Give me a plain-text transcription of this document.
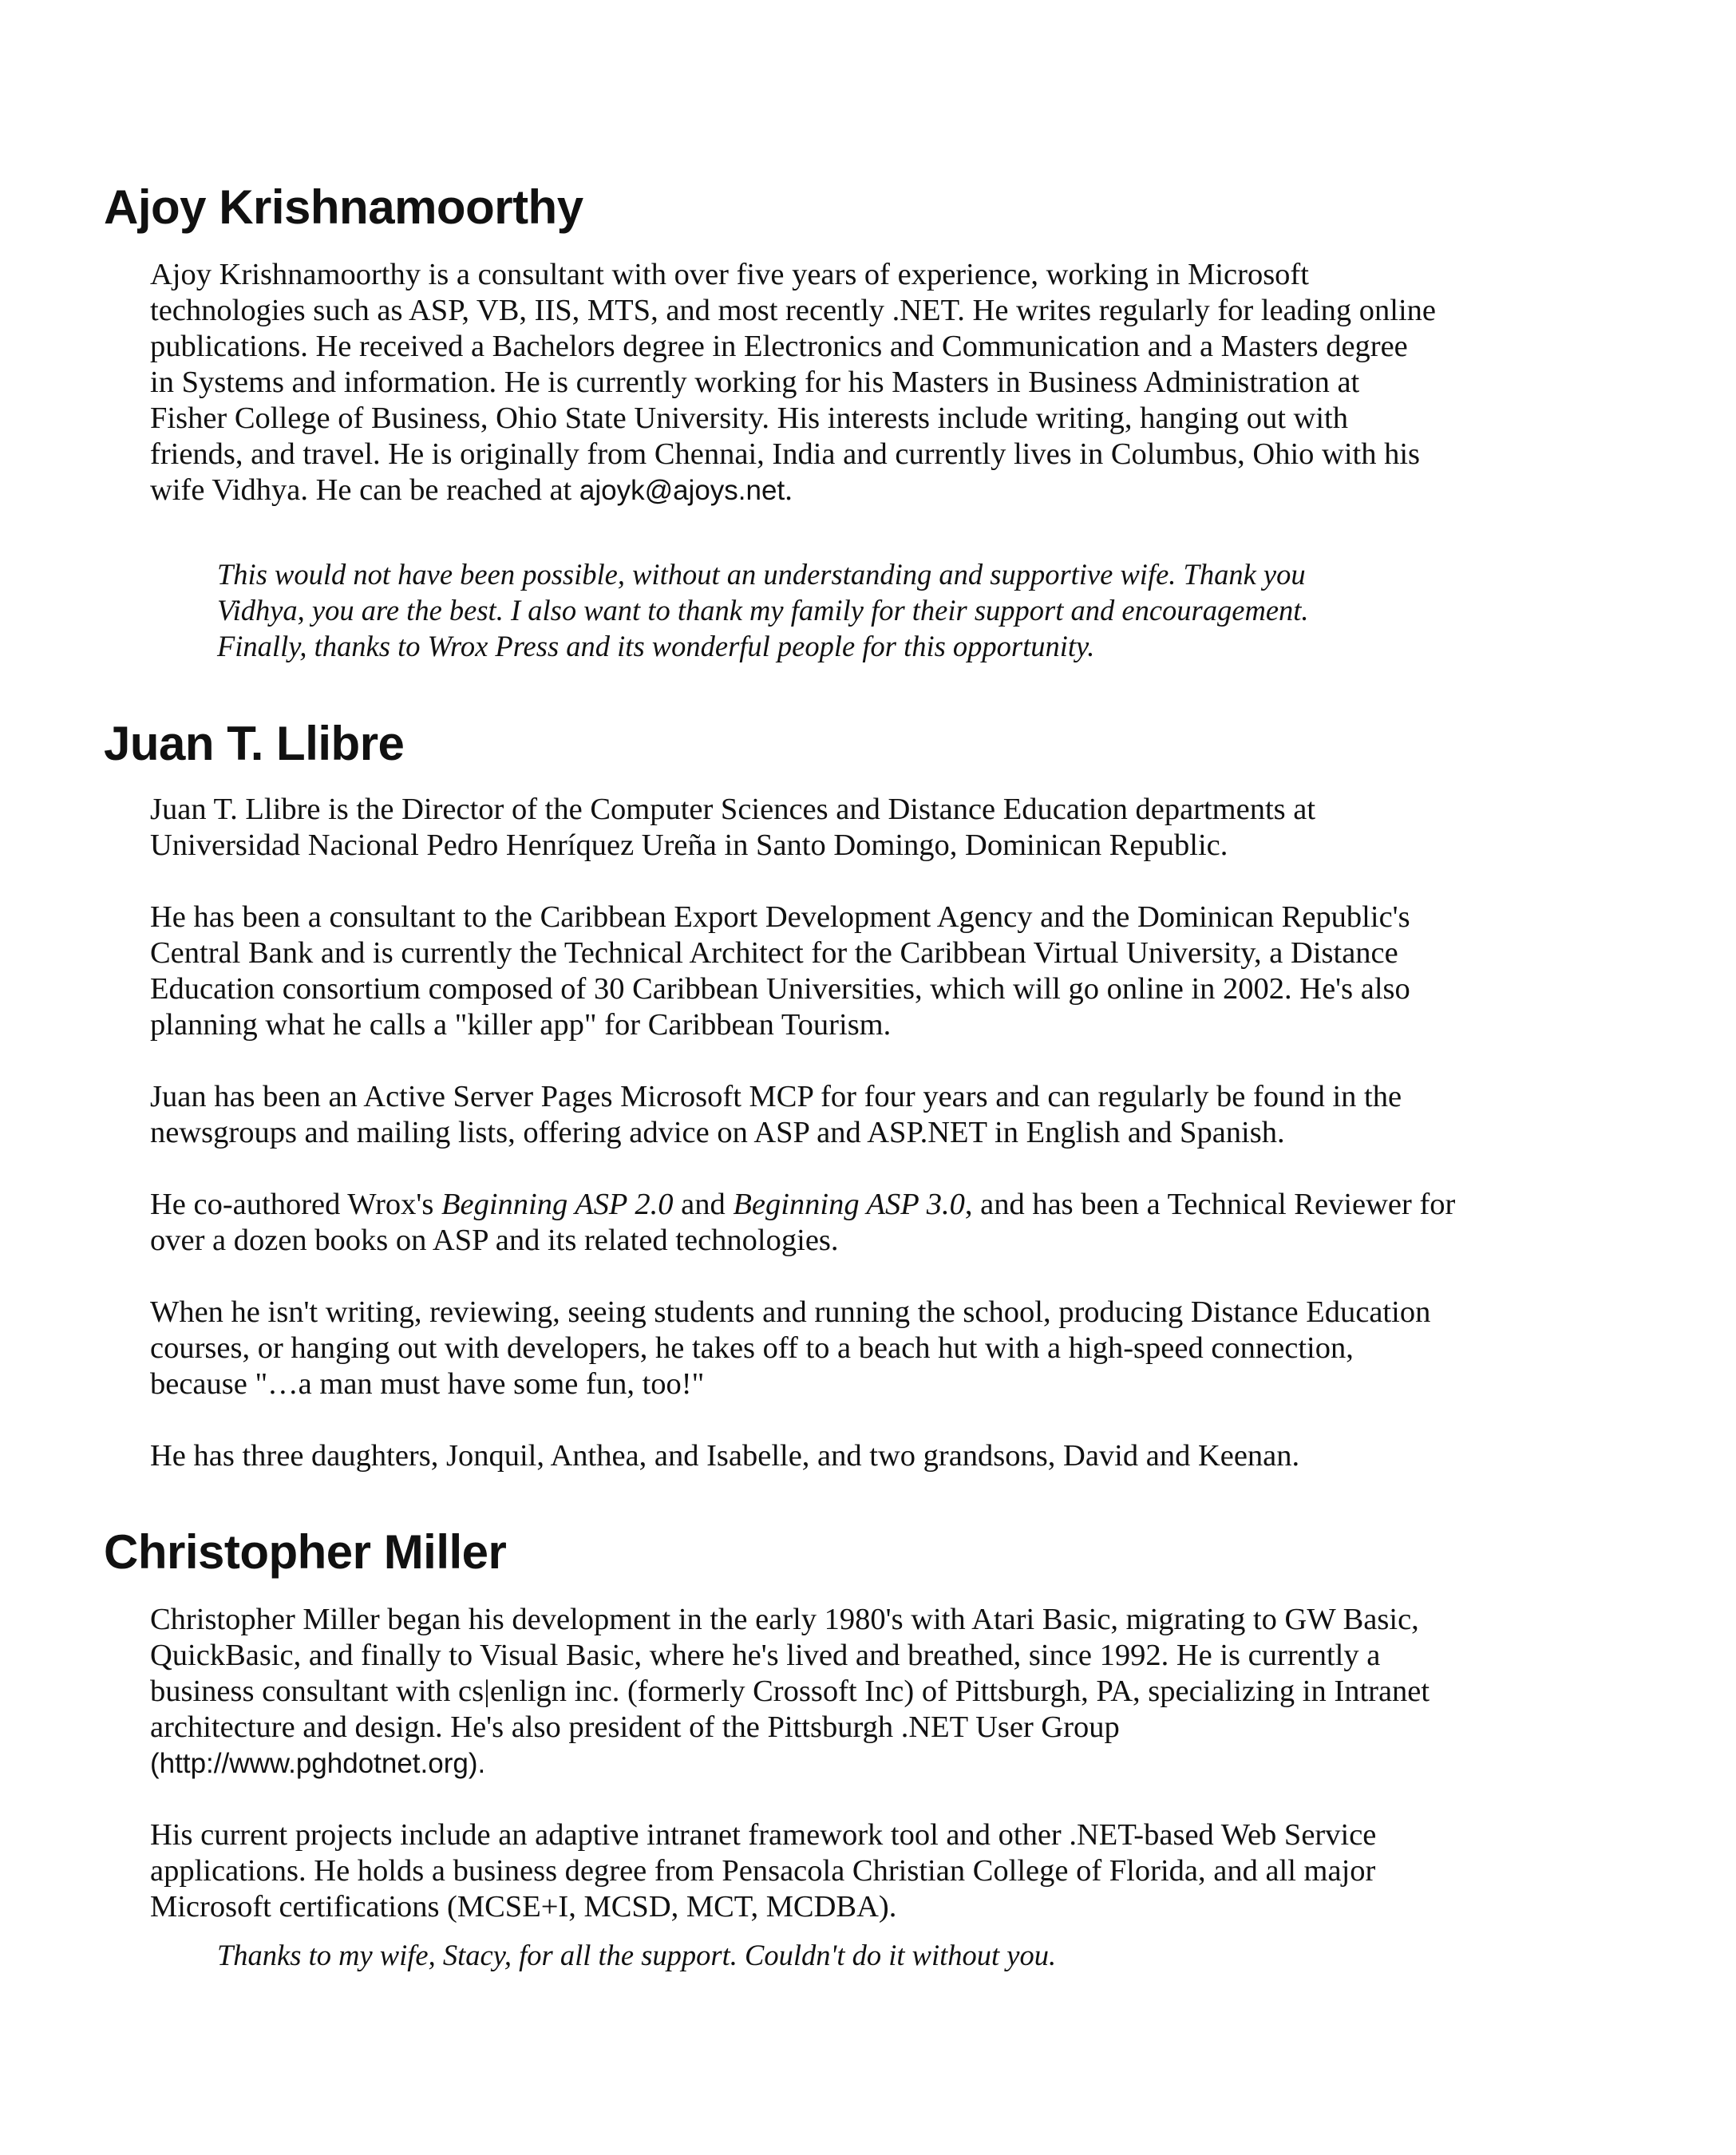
Ajoy Krishnamoorthy
Ajoy Krishnamoorthy is a consultant with over five years of experience, working in Microsoft
technologies such as ASP, VB, IIS, MTS, and most recently .NET. He writes regularly for leading online
publications. He received a Bachelors degree in Electronics and Communication and a Masters degree
in Systems and information. He is currently working for his Masters in Business Administration at
Fisher College of Business, Ohio State University. His interests include writing, hanging out with
friends, and travel. He is originally from Chennai, India and currently lives in Columbus, Ohio with his
wife Vidhya. He can be reached at ajoyk@ajoys.net.
This would not have been possible, without an understanding and supportive wife. Thank you
Vidhya, you are the best. I also want to thank my family for their support and encouragement.
Finally, thanks to Wrox Press and its wonderful people for this opportunity.
Juan T. Llibre
Juan T. Llibre is the Director of the Computer Sciences and Distance Education departments at
Universidad Nacional Pedro Henríquez Ureña in Santo Domingo, Dominican Republic.
He has been a consultant to the Caribbean Export Development Agency and the Dominican Republic's
Central Bank and is currently the Technical Architect for the Caribbean Virtual University, a Distance
Education consortium composed of 30 Caribbean Universities, which will go online in 2002. He's also
planning what he calls a "killer app" for Caribbean Tourism.
Juan has been an Active Server Pages Microsoft MCP for four years and can regularly be found in the
newsgroups and mailing lists, offering advice on ASP and ASP.NET in English and Spanish.
He co-authored Wrox's Beginning ASP 2.0 and Beginning ASP 3.0, and has been a Technical Reviewer for
over a dozen books on ASP and its related technologies.
When he isn't writing, reviewing, seeing students and running the school, producing Distance Education
courses, or hanging out with developers, he takes off to a beach hut with a high-speed connection,
because "…a man must have some fun, too!"
He has three daughters, Jonquil, Anthea, and Isabelle, and two grandsons, David and Keenan.
Christopher Miller
Christopher Miller began his development in the early 1980's with Atari Basic, migrating to GW Basic,
QuickBasic, and finally to Visual Basic, where he's lived and breathed, since 1992. He is currently a
business consultant with cs|enlign inc. (formerly Crossoft Inc) of Pittsburgh, PA, specializing in Intranet
architecture and design. He's also president of the Pittsburgh .NET User Group
(http://www.pghdotnet.org).
His current projects include an adaptive intranet framework tool and other .NET-based Web Service
applications. He holds a business degree from Pensacola Christian College of Florida, and all major
Microsoft certifications (MCSE+I, MCSD, MCT, MCDBA).
Thanks to my wife, Stacy, for all the support. Couldn't do it without you.
